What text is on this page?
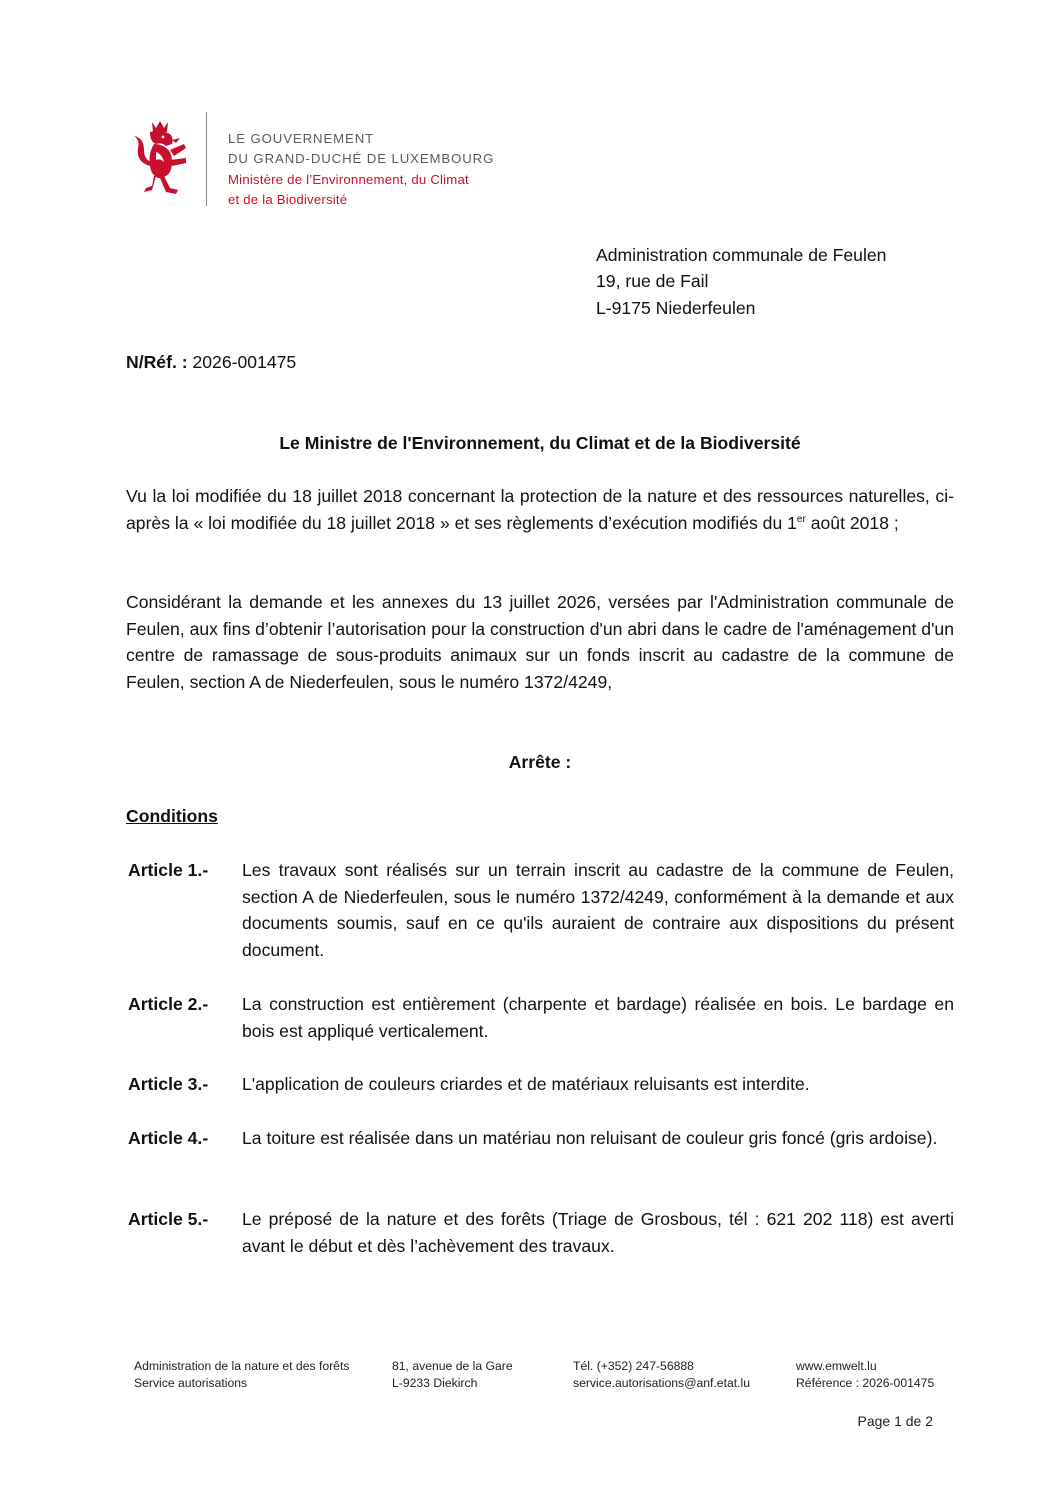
LE GOUVERNEMENT
DU GRAND-DUCHÉ DE LUXEMBOURG
Ministère de l’Environnement, du Climat
et de la Biodiversité
Administration communale de Feulen
19, rue de Fail
L-9175 Niederfeulen
N/Réf. : 2026-001475
Le Ministre de l'Environnement, du Climat et de la Biodiversité
Vu la loi modifiée du 18 juillet 2018 concernant la protection de la nature et des ressources naturelles, ci-après la « loi modifiée du 18 juillet 2018 » et ses règlements d’exécution modifiés du 1er août 2018 ;
Considérant la demande et les annexes du 13 juillet 2026, versées par l'Administration communale de Feulen, aux fins d’obtenir l’autorisation pour la construction d'un abri dans le cadre de l'aménagement d'un centre de ramassage de sous-produits animaux sur un fonds inscrit au cadastre de la commune de Feulen, section A de Niederfeulen, sous le numéro 1372/4249,
Arrête :
Conditions
Article 1.-	Les travaux sont réalisés sur un terrain inscrit au cadastre de la commune de Feulen, section A de Niederfeulen, sous le numéro 1372/4249, conformément à la demande et aux documents soumis, sauf en ce qu'ils auraient de contraire aux dispositions du présent document.
Article 2.-	La construction est entièrement (charpente et bardage) réalisée en bois. Le bardage en bois est appliqué verticalement.
Article 3.-	L'application de couleurs criardes et de matériaux reluisants est interdite.
Article 4.-	La toiture est réalisée dans un matériau non reluisant de couleur gris foncé (gris ardoise).
Article 5.-	Le préposé de la nature et des forêts (Triage de Grosbous, tél : 621 202 118) est averti avant le début et dès l’achèvement des travaux.
Administration de la nature et des forêts
Service autorisations
81, avenue de la Gare
L-9233 Diekirch
Tél. (+352) 247-56888
service.autorisations@anf.etat.lu
www.emwelt.lu
Référence : 2026-001475
Page 1 de 2
